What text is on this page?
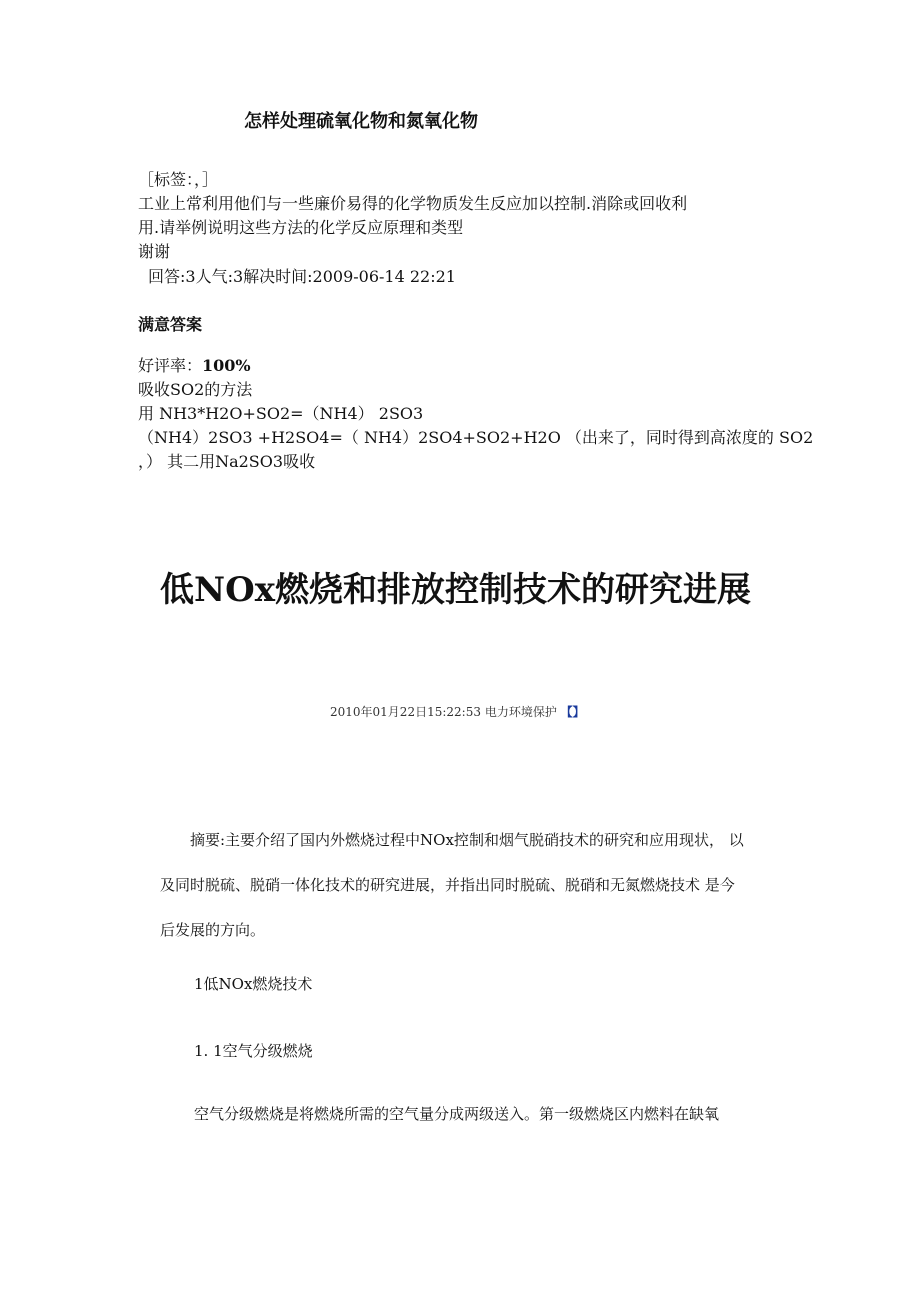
怎样处理硫氧化物和氮氧化物
［标签：，］
工业上常利用他们与一些廉价易得的化学物质发生反应加以控制.消除或回收利
用.请举例说明这些方法的化学反应原理和类型
谢谢
回答:3人气:3解决时间:2009-06-14 22:21
满意答案
好评率：100%
吸收SO2的方法
用 NH3*H2O+SO2=（NH4） 2SO3
（NH4）2SO3 +H2SO4=（ NH4）2SO4+SO2+H2O （出来了，同时得到高浓度的 SO2
，） 其二用Na2SO3吸收
低NOx燃烧和排放控制技术的研究进展
2010年01月22日15:22:53 电力环境保护 【】
　　摘要:主要介绍了国内外燃烧过程中NOx控制和烟气脱硝技术的研究和应用现状， 以
及同时脱硫、脱硝一体化技术的研究进展，并指出同时脱硫、脱硝和无氮燃烧技术 是今
后发展的方向。
1低NOx燃烧技术
1. 1空气分级燃烧
空气分级燃烧是将燃烧所需的空气量分成两级送入。第一级燃烧区内燃料在缺氧
